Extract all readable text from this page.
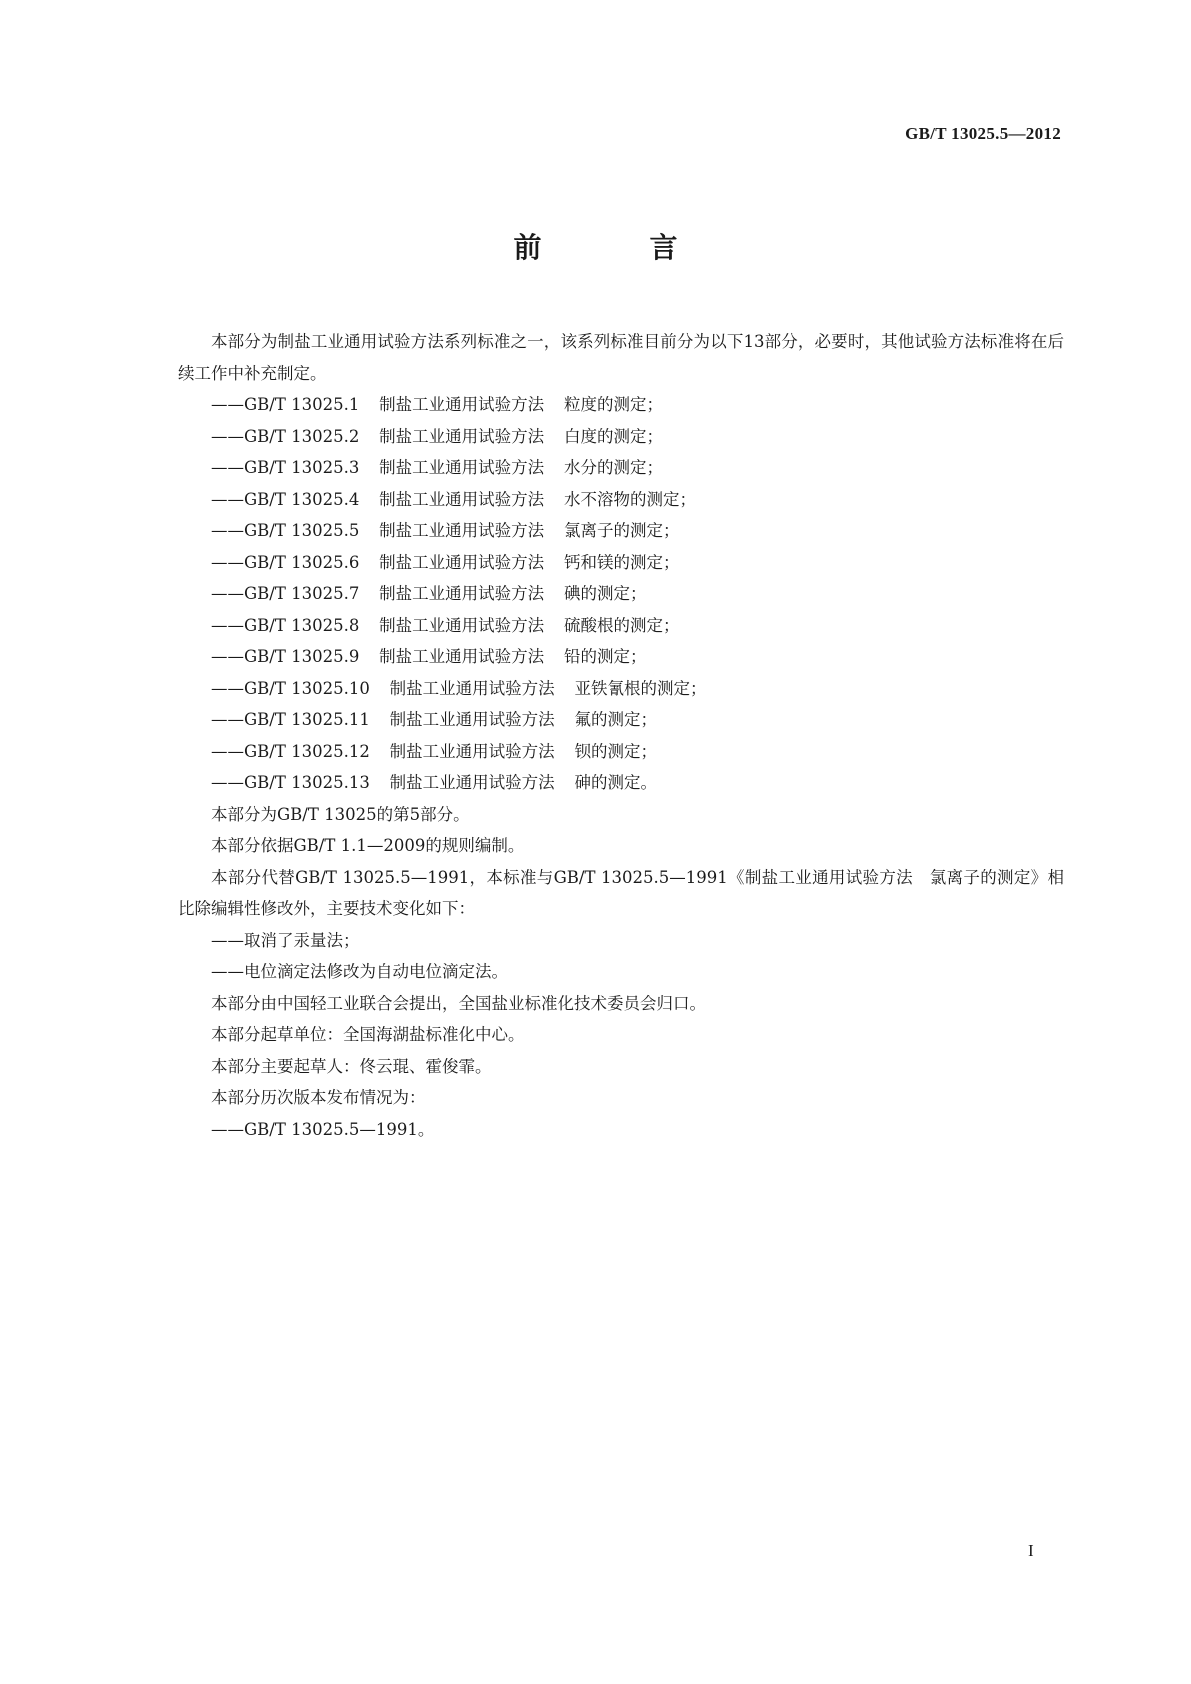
GB/T 13025.5—2012
前　言

本部分为制盐工业通用试验方法系列标准之一，该系列标准目前分为以下13部分，必要时，其他试验方法标准将在后续工作中补充制定。

——GB/T 13025.1 制盐工业通用试验方法 粒度的测定；

——GB/T 13025.2 制盐工业通用试验方法 白度的测定；

——GB/T 13025.3 制盐工业通用试验方法 水分的测定；

——GB/T 13025.4 制盐工业通用试验方法 水不溶物的测定；

——GB/T 13025.5 制盐工业通用试验方法 氯离子的测定；

——GB/T 13025.6 制盐工业通用试验方法 钙和镁的测定；

——GB/T 13025.7 制盐工业通用试验方法 碘的测定；

——GB/T 13025.8 制盐工业通用试验方法 硫酸根的测定；

——GB/T 13025.9 制盐工业通用试验方法 铅的测定；

——GB/T 13025.10 制盐工业通用试验方法 亚铁氰根的测定；

——GB/T 13025.11 制盐工业通用试验方法 氟的测定；

——GB/T 13025.12 制盐工业通用试验方法 钡的测定；

——GB/T 13025.13 制盐工业通用试验方法 砷的测定。

本部分为GB/T 13025的第5部分。

本部分依据GB/T 1.1—2009的规则编制。

本部分代替GB/T 13025.5—1991，本标准与GB/T 13025.5—1991《制盐工业通用试验方法　氯离子的测定》相比除编辑性修改外，主要技术变化如下：

——取消了汞量法；

——电位滴定法修改为自动电位滴定法。

本部分由中国轻工业联合会提出，全国盐业标准化技术委员会归口。

本部分起草单位：全国海湖盐标准化中心。

本部分主要起草人：佟云琨、霍俊霏。

本部分历次版本发布情况为：

——GB/T 13025.5—1991。

I
